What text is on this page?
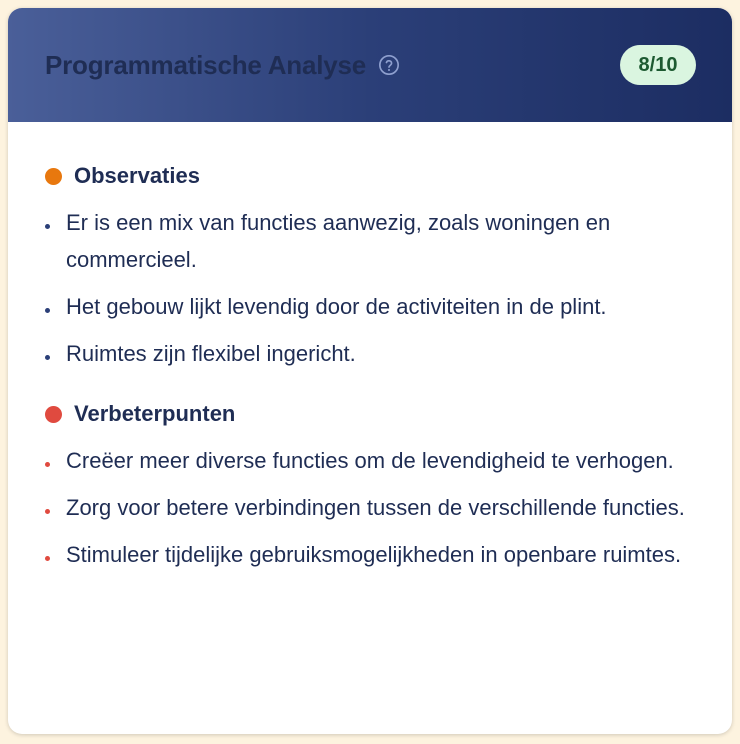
Programmatische Analyse	8/10
Observaties
Er is een mix van functies aanwezig, zoals woningen en commercieel.
Het gebouw lijkt levendig door de activiteiten in de plint.
Ruimtes zijn flexibel ingericht.
Verbeterpunten
Creëer meer diverse functies om de levendigheid te verhogen.
Zorg voor betere verbindingen tussen de verschillende functies.
Stimuleer tijdelijke gebruiksmogelijkheden in openbare ruimtes.
